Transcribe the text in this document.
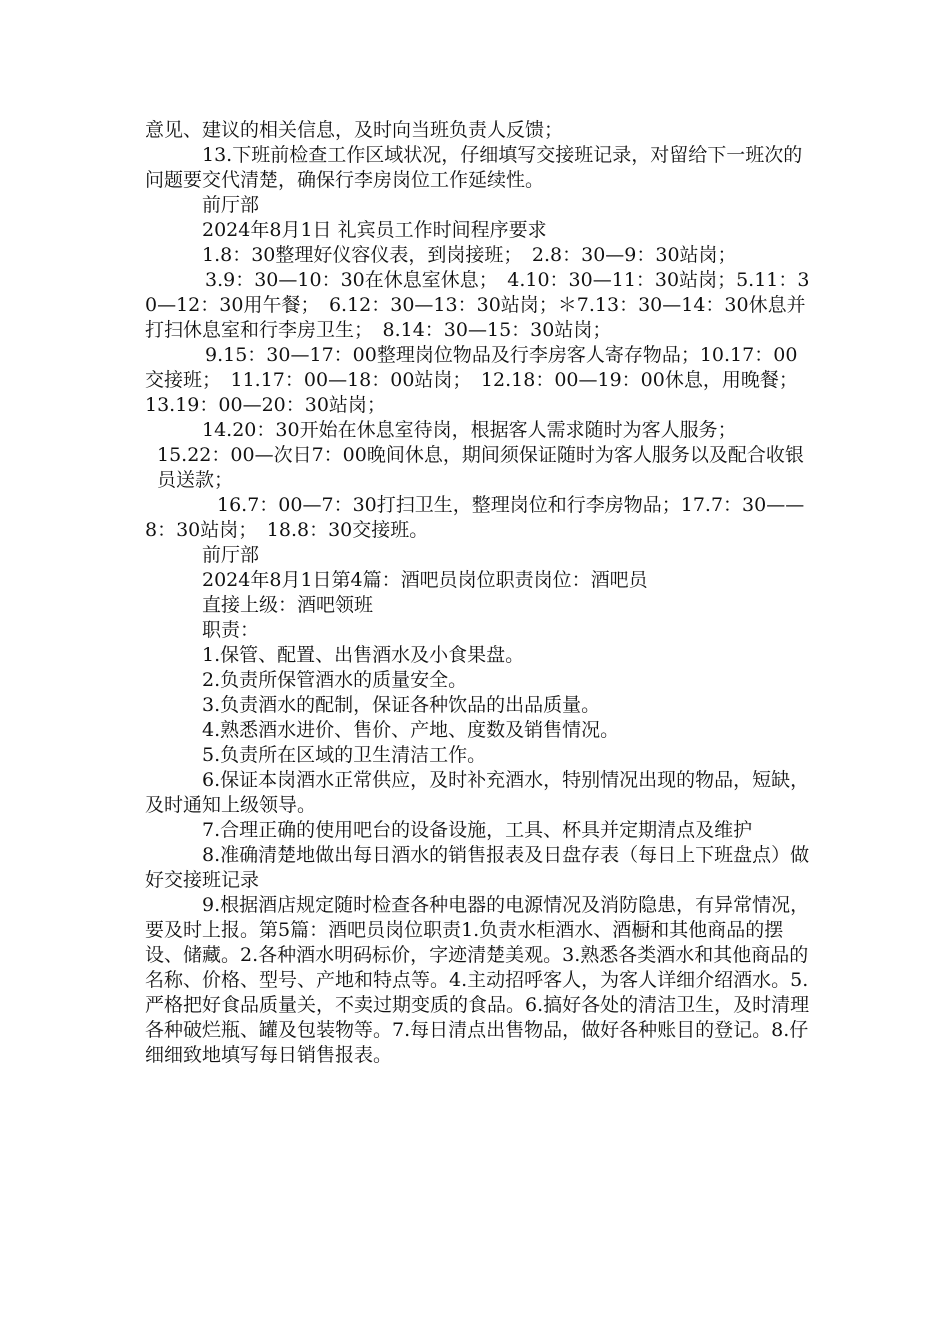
意见、建议的相关信息，及时向当班负责人反馈；

13.下班前检查工作区域状况，仔细填写交接班记录，对留给下一班次的问题要交代清楚，确保行李房岗位工作延续性。

前厅部

2024年8月1日 礼宾员工作时间程序要求

1.8：30整理好仪容仪表，到岗接班；　2.8：30—9：30站岗；

3.9：30—10：30在休息室休息；　4.10：30—11：30站岗；5.11：30—12：30用午餐；　6.12：30—13：30站岗；＊7.13：30—14：30休息并打扫休息室和行李房卫生；　8.14：30—15：30站岗；

9.15：30—17：00整理岗位物品及行李房客人寄存物品；10.17：00交接班；　11.17：00—18：00站岗；　12.18：00—19：00休息，用晚餐；　13.19：00—20：30站岗；

14.20：30开始在休息室待岗，根据客人需求随时为客人服务；

15.22：00—次日7：00晚间休息，期间须保证随时为客人服务以及配合收银员送款；

16.7：00—7：30打扫卫生，整理岗位和行李房物品；17.7：30——8：30站岗；　18.8：30交接班。

前厅部

2024年8月1日第4篇：酒吧员岗位职责岗位：酒吧员

直接上级：酒吧领班

职责：

1.保管、配置、出售酒水及小食果盘。

2.负责所保管酒水的质量安全。

3.负责酒水的配制，保证各种饮品的出品质量。

4.熟悉酒水进价、售价、产地、度数及销售情况。

5.负责所在区域的卫生清洁工作。

6.保证本岗酒水正常供应，及时补充酒水，特别情况出现的物品，短缺，及时通知上级领导。

7.合理正确的使用吧台的设备设施，工具、杯具并定期清点及维护

8.准确清楚地做出每日酒水的销售报表及日盘存表（每日上下班盘点）做好交接班记录

9.根据酒店规定随时检查各种电器的电源情况及消防隐患，有异常情况，要及时上报。第5篇：酒吧员岗位职责1.负责水柜酒水、酒橱和其他商品的摆设、储藏。2.各种酒水明码标价，字迹清楚美观。3.熟悉各类酒水和其他商品的名称、价格、型号、产地和特点等。4.主动招呼客人，为客人详细介绍酒水。5.严格把好食品质量关，不卖过期变质的食品。6.搞好各处的清洁卫生，及时清理各种破烂瓶、罐及包装物等。7.每日清点出售物品，做好各种账目的登记。8.仔细细致地填写每日销售报表。
